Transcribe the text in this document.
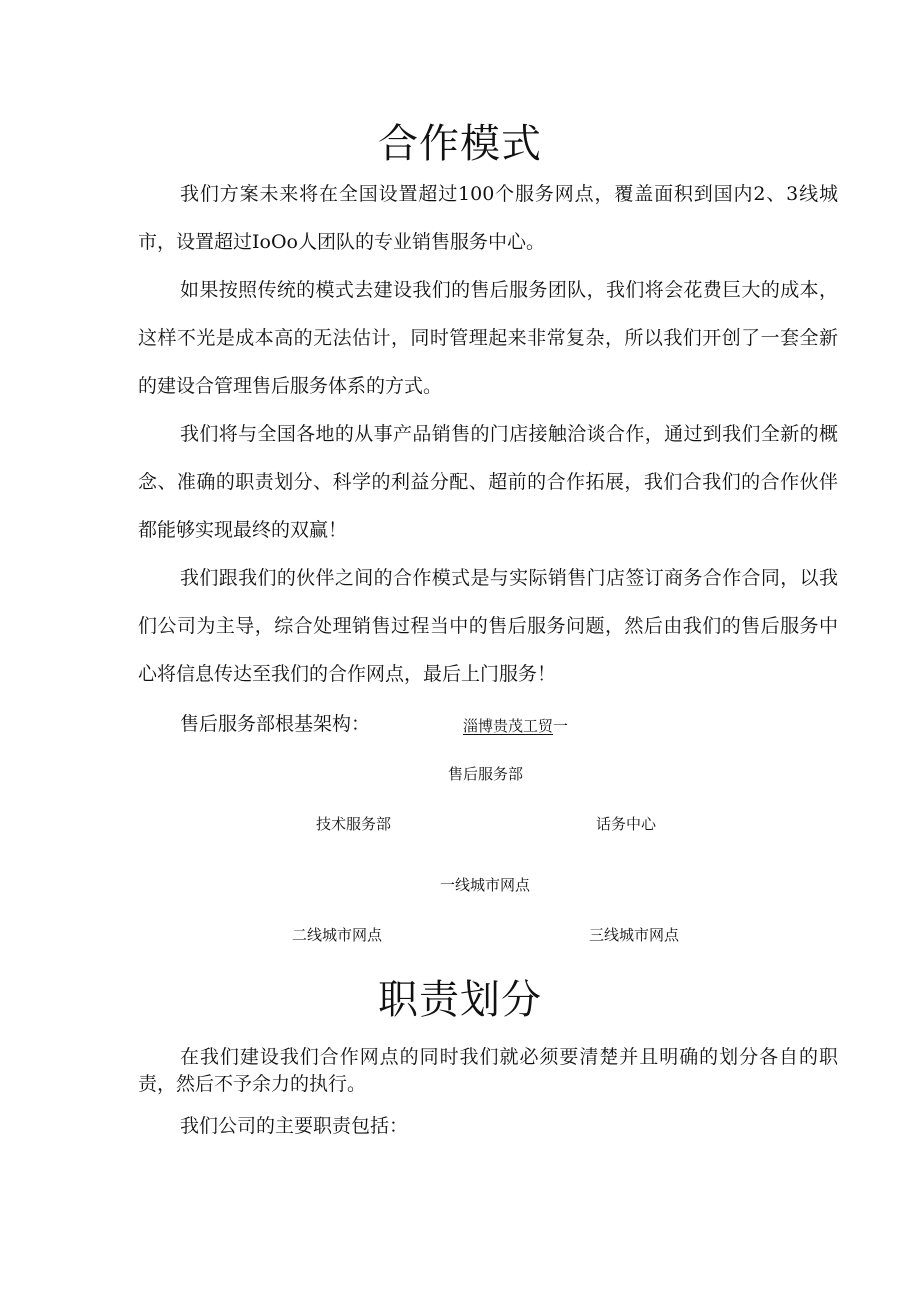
合作模式

我们方案未来将在全国设置超过100个服务网点，覆盖面积到国内2、3线城市，设置超过IoOo人团队的专业销售服务中心。

如果按照传统的模式去建设我们的售后服务团队，我们将会花费巨大的成本，这样不光是成本高的无法估计，同时管理起来非常复杂，所以我们开创了一套全新的建设合管理售后服务体系的方式。

我们将与全国各地的从事产品销售的门店接触洽谈合作，通过到我们全新的概念、准确的职责划分、科学的利益分配、超前的合作拓展，我们合我们的合作伙伴都能够实现最终的双赢！

我们跟我们的伙伴之间的合作模式是与实际销售门店签订商务合作合同，以我们公司为主导，综合处理销售过程当中的售后服务问题，然后由我们的售后服务中心将信息传达至我们的合作网点，最后上门服务！

售后服务部根基架构：	淄博贵茂工贸一
售后服务部
技术服务部	话务中心
一线城市网点
二线城市网点	三线城市网点
职责划分

在我们建设我们合作网点的同时我们就必须要清楚并且明确的划分各自的职责，然后不予余力的执行。

我们公司的主要职责包括：
